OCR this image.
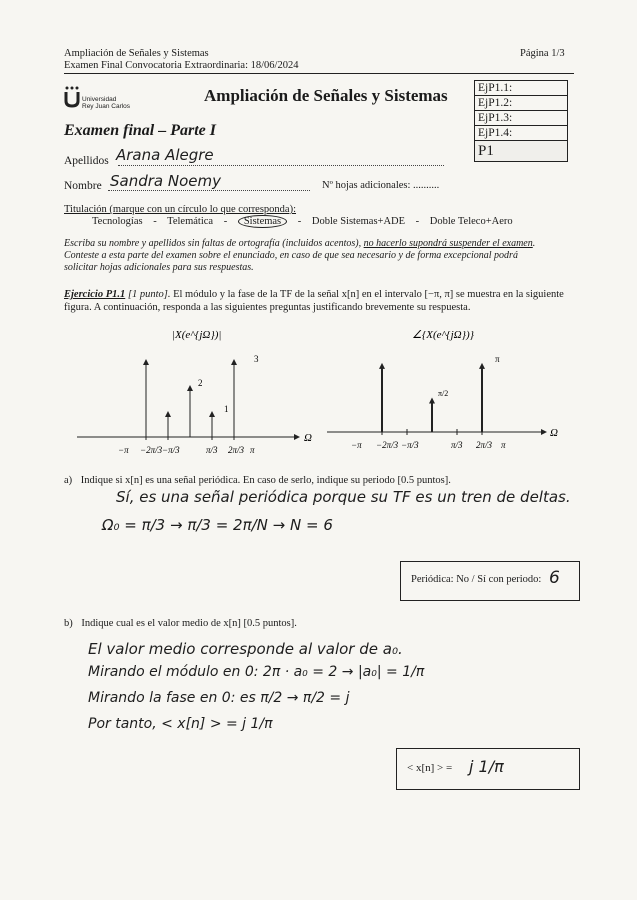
Ampliación de Señales y Sistemas
Examen Final Convocatoria Extraordinaria: 18/06/2024
Página 1/3
Universidad
Rey Juan Carlos
Ampliación de Señales y Sistemas
Examen final – Parte I
EjP1.1:
EjP1.2:
EjP1.3:
EjP1.4:
P1
Apellidos Arana Alegre
Nombre Sandra Noemy	Nº hojas adicionales: ..........
Titulación (marque con un círculo lo que corresponda):
Tecnologías - Telemática - Sistemas - Doble Sistemas+ADE - Doble Teleco+Aero
Escriba su nombre y apellidos sin faltas de ortografía (incluidos acentos), no hacerlo supondrá suspender el examen.
Conteste a esta parte del examen sobre el enunciado, en caso de que sea necesario y de forma excepcional podrá
solicitar hojas adicionales para sus respuestas.
Ejercicio P1.1 [1 punto]. El módulo y la fase de la TF de la señal x[n] en el intervalo [−π, π] se muestra en la siguiente
figura. A continuación, responda a las siguientes preguntas justificando brevemente su respuesta.
|X(e^{jΩ})|
Ω
−π −2π/3 −π/3	π/3 2π/3 π
2
1
3
∠{X(e^{jΩ})}
Ω
−π −2π/3 −π/3	π/3 2π/3 π
π/2
π
a) Indique si x[n] es una señal periódica. En caso de serlo, indique su periodo [0.5 puntos].
Sí, es una señal periódica porque su TF es un tren de deltas.
Ω₀ = π/3 → π/3 = 2π/N → N = 6
Periódica: No / Sí con periodo: 6
b) Indique cual es el valor medio de x[n] [0.5 puntos].
El valor medio corresponde al valor de a₀.
Mirando el módulo en 0: 2π · a₀ = 2 → |a₀| = 1/π
Mirando la fase en 0: es π/2 → π/2 = j
Por tanto, < x[n] > = j 1/π
< x[n] > = j 1/π
